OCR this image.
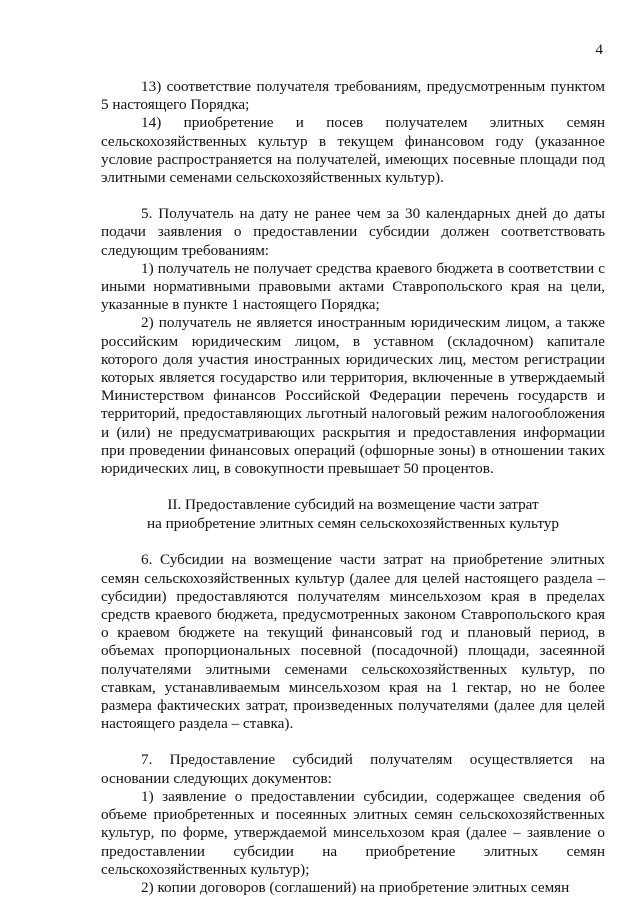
4

13) соответствие получателя требованиям, предусмотренным пунктом 5 настоящего Порядка;

14) приобретение и посев получателем элитных семян сельскохозяйственных культур в текущем финансовом году (указанное условие распространяется на получателей, имеющих посевные площади под элитными семенами сельскохозяйственных культур).

5. Получатель на дату не ранее чем за 30 календарных дней до даты подачи заявления о предоставлении субсидии должен соответствовать следующим требованиям:

1) получатель не получает средства краевого бюджета в соответствии с иными нормативными правовыми актами Ставропольского края на цели, указанные в пункте 1 настоящего Порядка;

2) получатель не является иностранным юридическим лицом, а также российским юридическим лицом, в уставном (складочном) капитале которого доля участия иностранных юридических лиц, местом регистрации которых является государство или территория, включенные в утверждаемый Министерством финансов Российской Федерации перечень государств и территорий, предоставляющих льготный налоговый режим налогообложения и (или) не предусматривающих раскрытия и предоставления информации при проведении финансовых операций (офшорные зоны) в отношении таких юридических лиц, в совокупности превышает 50 процентов.

II. Предоставление субсидий на возмещение части затрат
на приобретение элитных семян сельскохозяйственных культур

6. Субсидии на возмещение части затрат на приобретение элитных семян сельскохозяйственных культур (далее для целей настоящего раздела – субсидии) предоставляются получателям минсельхозом края в пределах средств краевого бюджета, предусмотренных законом Ставропольского края о краевом бюджете на текущий финансовый год и плановый период, в объемах пропорциональных посевной (посадочной) площади, засеянной получателями элитными семенами сельскохозяйственных культур, по ставкам, устанавливаемым минсельхозом края на 1 гектар, но не более размера фактических затрат, произведенных получателями (далее для целей настоящего раздела – ставка).

7. Предоставление субсидий получателям осуществляется на основании следующих документов:

1) заявление о предоставлении субсидии, содержащее сведения об объеме приобретенных и посеянных элитных семян сельскохозяйственных культур, по форме, утверждаемой минсельхозом края (далее – заявление о предоставлении субсидии на приобретение элитных семян сельскохозяйственных культур);

2) копии договоров (соглашений) на приобретение элитных семян
